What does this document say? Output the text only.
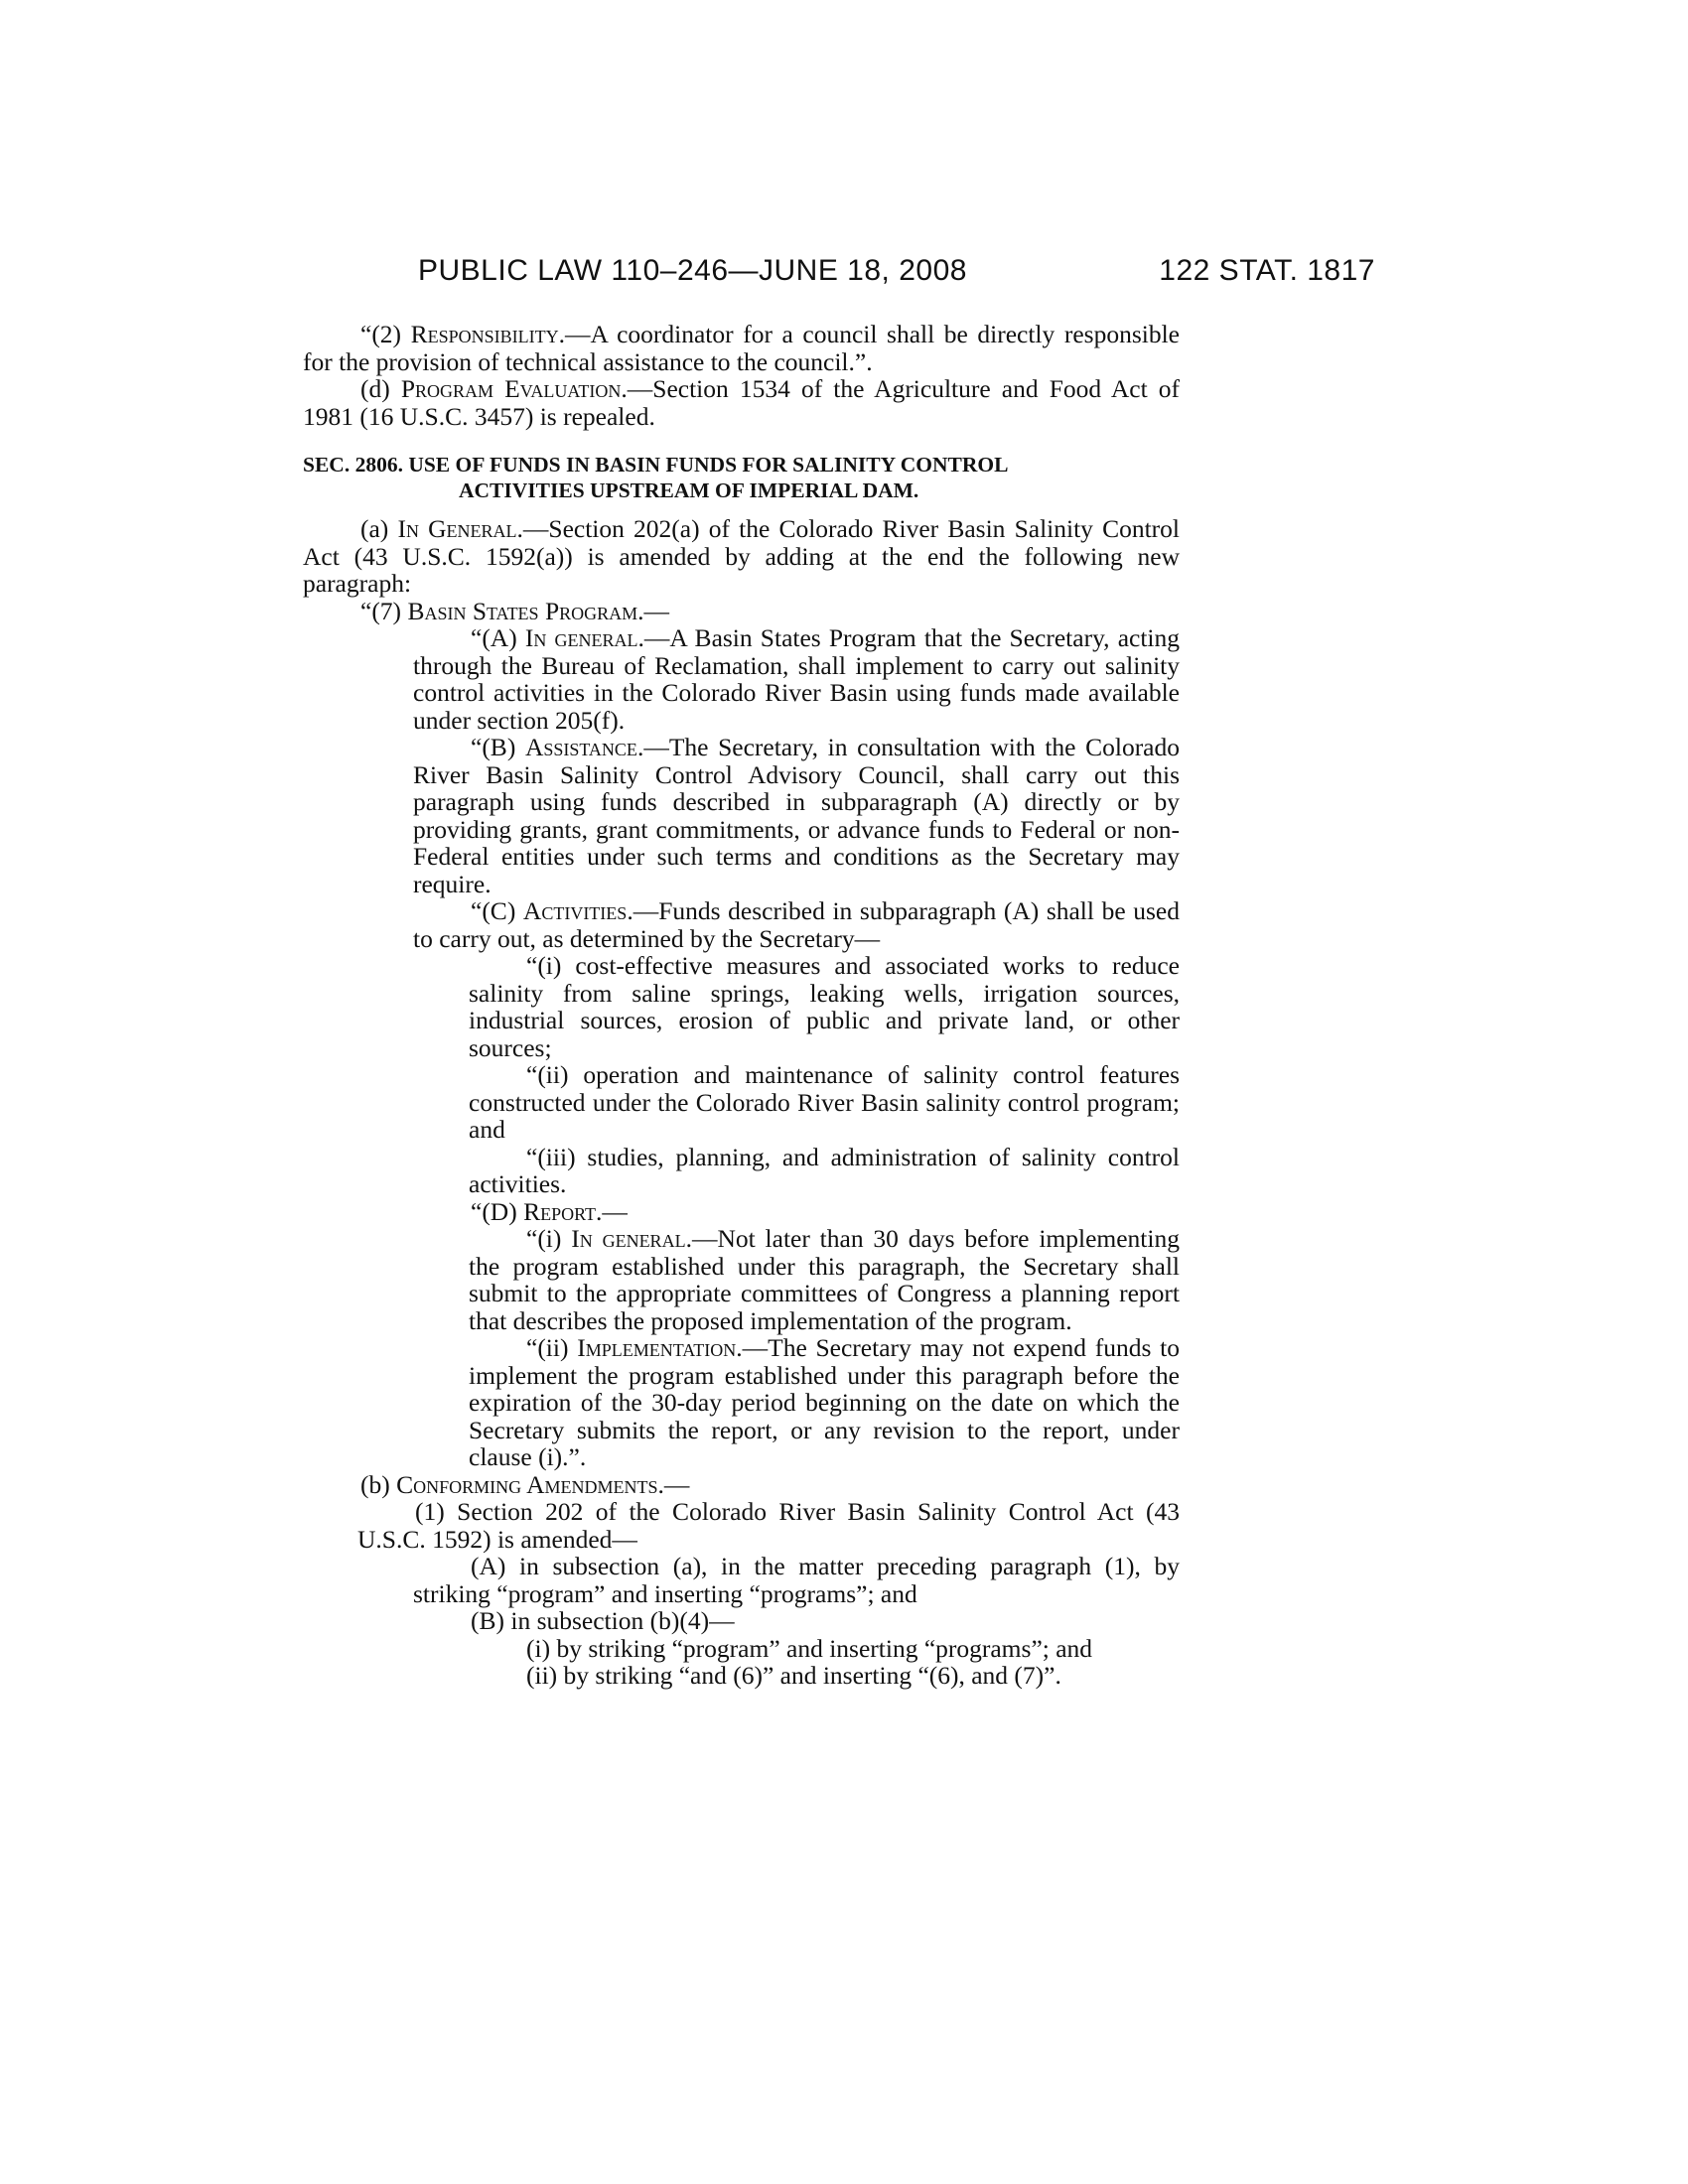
PUBLIC LAW 110–246—JUNE 18, 2008	122 STAT. 1817

“(2) Responsibility.—A coordinator for a council shall be directly responsible for the provision of technical assistance to the council.”.

(d) Program Evaluation.—Section 1534 of the Agriculture and Food Act of 1981 (16 U.S.C. 3457) is repealed.

SEC. 2806. USE OF FUNDS IN BASIN FUNDS FOR SALINITY CONTROL
ACTIVITIES UPSTREAM OF IMPERIAL DAM.

(a) In General.—Section 202(a) of the Colorado River Basin Salinity Control Act (43 U.S.C. 1592(a)) is amended by adding at the end the following new paragraph:

“(7) Basin States Program.—

“(A) In general.—A Basin States Program that the Secretary, acting through the Bureau of Reclamation, shall implement to carry out salinity control activities in the Colorado River Basin using funds made available under section 205(f).

“(B) Assistance.—The Secretary, in consultation with the Colorado River Basin Salinity Control Advisory Council, shall carry out this paragraph using funds described in subparagraph (A) directly or by providing grants, grant commitments, or advance funds to Federal or non-Federal entities under such terms and conditions as the Secretary may require.

“(C) Activities.—Funds described in subparagraph (A) shall be used to carry out, as determined by the Secretary—

“(i) cost-effective measures and associated works to reduce salinity from saline springs, leaking wells, irrigation sources, industrial sources, erosion of public and private land, or other sources;

“(ii) operation and maintenance of salinity control features constructed under the Colorado River Basin salinity control program; and

“(iii) studies, planning, and administration of salinity control activities.

“(D) Report.—

“(i) In general.—Not later than 30 days before implementing the program established under this paragraph, the Secretary shall submit to the appropriate committees of Congress a planning report that describes the proposed implementation of the program.

“(ii) Implementation.—The Secretary may not expend funds to implement the program established under this paragraph before the expiration of the 30-day period beginning on the date on which the Secretary submits the report, or any revision to the report, under clause (i).”.

(b) Conforming Amendments.—

(1) Section 202 of the Colorado River Basin Salinity Control Act (43 U.S.C. 1592) is amended—

(A) in subsection (a), in the matter preceding paragraph (1), by striking “program” and inserting “programs”; and

(B) in subsection (b)(4)—

(i) by striking “program” and inserting “programs”; and

(ii) by striking “and (6)” and inserting “(6), and (7)”.
